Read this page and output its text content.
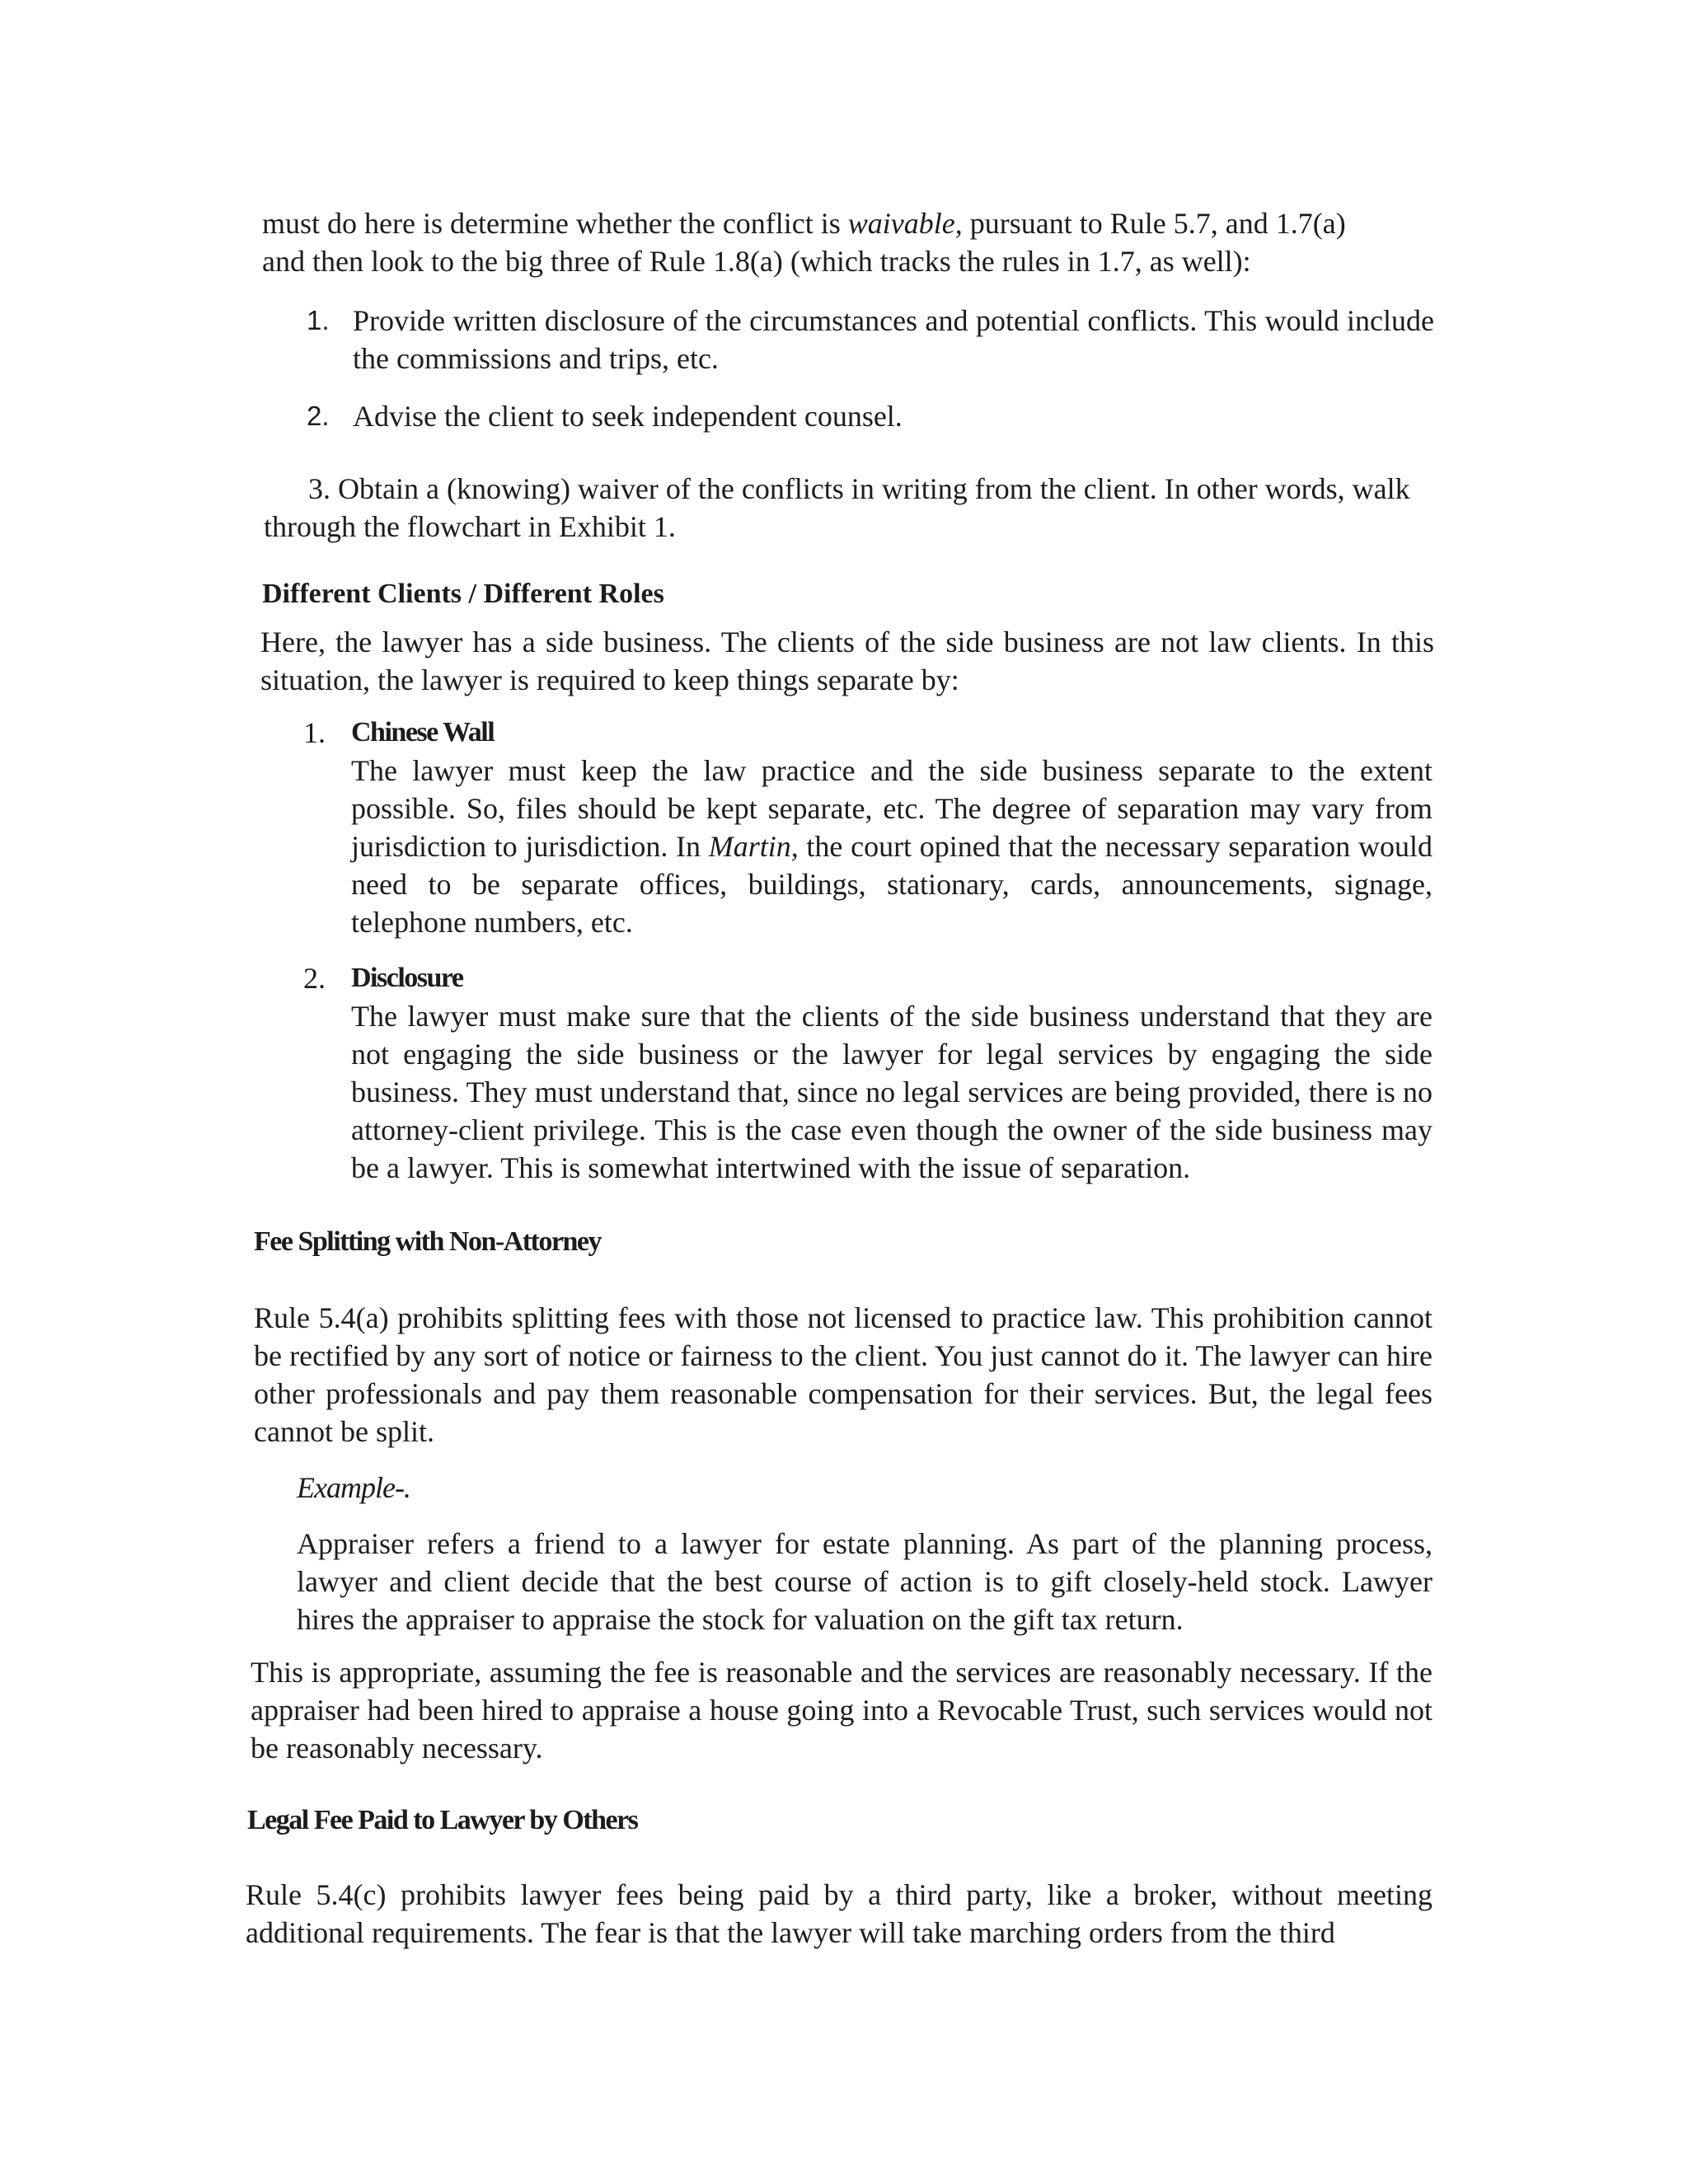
must do here is determine whether the conflict is waivable, pursuant to Rule 5.7, and 1.7(a)

and then look to the big three of Rule 1.8(a) (which tracks the rules in 1.7, as well):

1. Provide written disclosure of the circumstances and potential conflicts. This would include the commissions and trips, etc.
2. Advise the client to seek independent counsel.
3. Obtain a (knowing) waiver of the conflicts in writing from the client. In other words, walk through the flowchart in Exhibit 1.
Different Clients / Different Roles

Here, the lawyer has a side business. The clients of the side business are not law clients. In this situation, the lawyer is required to keep things separate by:

1. Chinese Wall
The lawyer must keep the law practice and the side business separate to the extent possible. So, files should be kept separate, etc. The degree of separation may vary from jurisdiction to jurisdiction. In Martin, the court opined that the necessary separation would need to be separate offices, buildings, stationary, cards, announcements, signage, telephone numbers, etc.
2. Disclosure
The lawyer must make sure that the clients of the side business understand that they are not engaging the side business or the lawyer for legal services by engaging the side business. They must understand that, since no legal services are being provided, there is no attorney-client privilege. This is the case even though the owner of the side business may be a lawyer. This is somewhat intertwined with the issue of separation.
Fee Splitting with Non-Attorney

Rule 5.4(a) prohibits splitting fees with those not licensed to practice law. This prohibition cannot be rectified by any sort of notice or fairness to the client. You just cannot do it. The lawyer can hire other professionals and pay them reasonable compensation for their services. But, the legal fees cannot be split.

Example-.

Appraiser refers a friend to a lawyer for estate planning. As part of the planning process, lawyer and client decide that the best course of action is to gift closely-held stock. Lawyer hires the appraiser to appraise the stock for valuation on the gift tax return.

This is appropriate, assuming the fee is reasonable and the services are reasonably necessary. If the appraiser had been hired to appraise a house going into a Revocable Trust, such services would not be reasonably necessary.

Legal Fee Paid to Lawyer by Others

Rule 5.4(c) prohibits lawyer fees being paid by a third party, like a broker, without meeting additional requirements. The fear is that the lawyer will take marching orders from the third
